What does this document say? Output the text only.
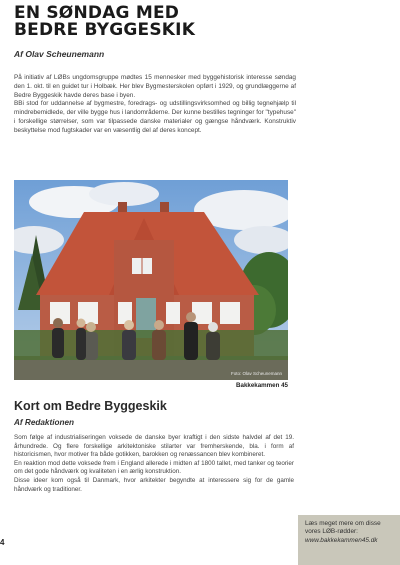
EN SØNDAG MED
BEDRE BYGGESKIK
Af Olav Scheunemann

På initiativ af LØBs ungdomsgruppe mødtes 15 mennesker med byggehistorisk interesse søndag den 1. okt. til en guidet tur i Holbæk. Her blev Bygmesterskolen opført i 1929, og grundlæggerne af Bedre Byggeskik havde deres base i byen.

BBi stod for uddannelse af bygmestre, foredrags- og udstillingsvirksomhed og billig tegnehjælp til mindrebemidlede, der ville bygge hus i landområderne. Der kunne bestilles tegninger for "typehuse" i forskellige størrelser, som var tilpassede danske materialer og gængse håndværk. Konstruktiv beskyttelse mod fugtskader var en væsentlig del af deres koncept.

Foto: Olav Scheunemann
Bakkekammen 45
Kort om Bedre Byggeskik
Af Redaktionen

Som følge af industrialiseringen voksede de danske byer kraftigt i den sidste halvdel af det 19. århundrede. Og flere forskellige arkitektoniske stilarter var fremherskende, bla. i form af historicismen, hvor motiver fra både gotikken, barokken og renæssancen blev kombineret.

En reaktion mod dette voksede frem i England allerede i midten af 1800 tallet, med tanker og teorier om det gode håndværk og kvaliteten i en ærlig konstruktion.

Disse ideer kom også til Danmark, hvor arkitekter begyndte at interessere sig for de gamle håndværk og traditioner.

Læs meget mere om disse vores LØB-rødder:
www.bakkekammen45.dk
4
